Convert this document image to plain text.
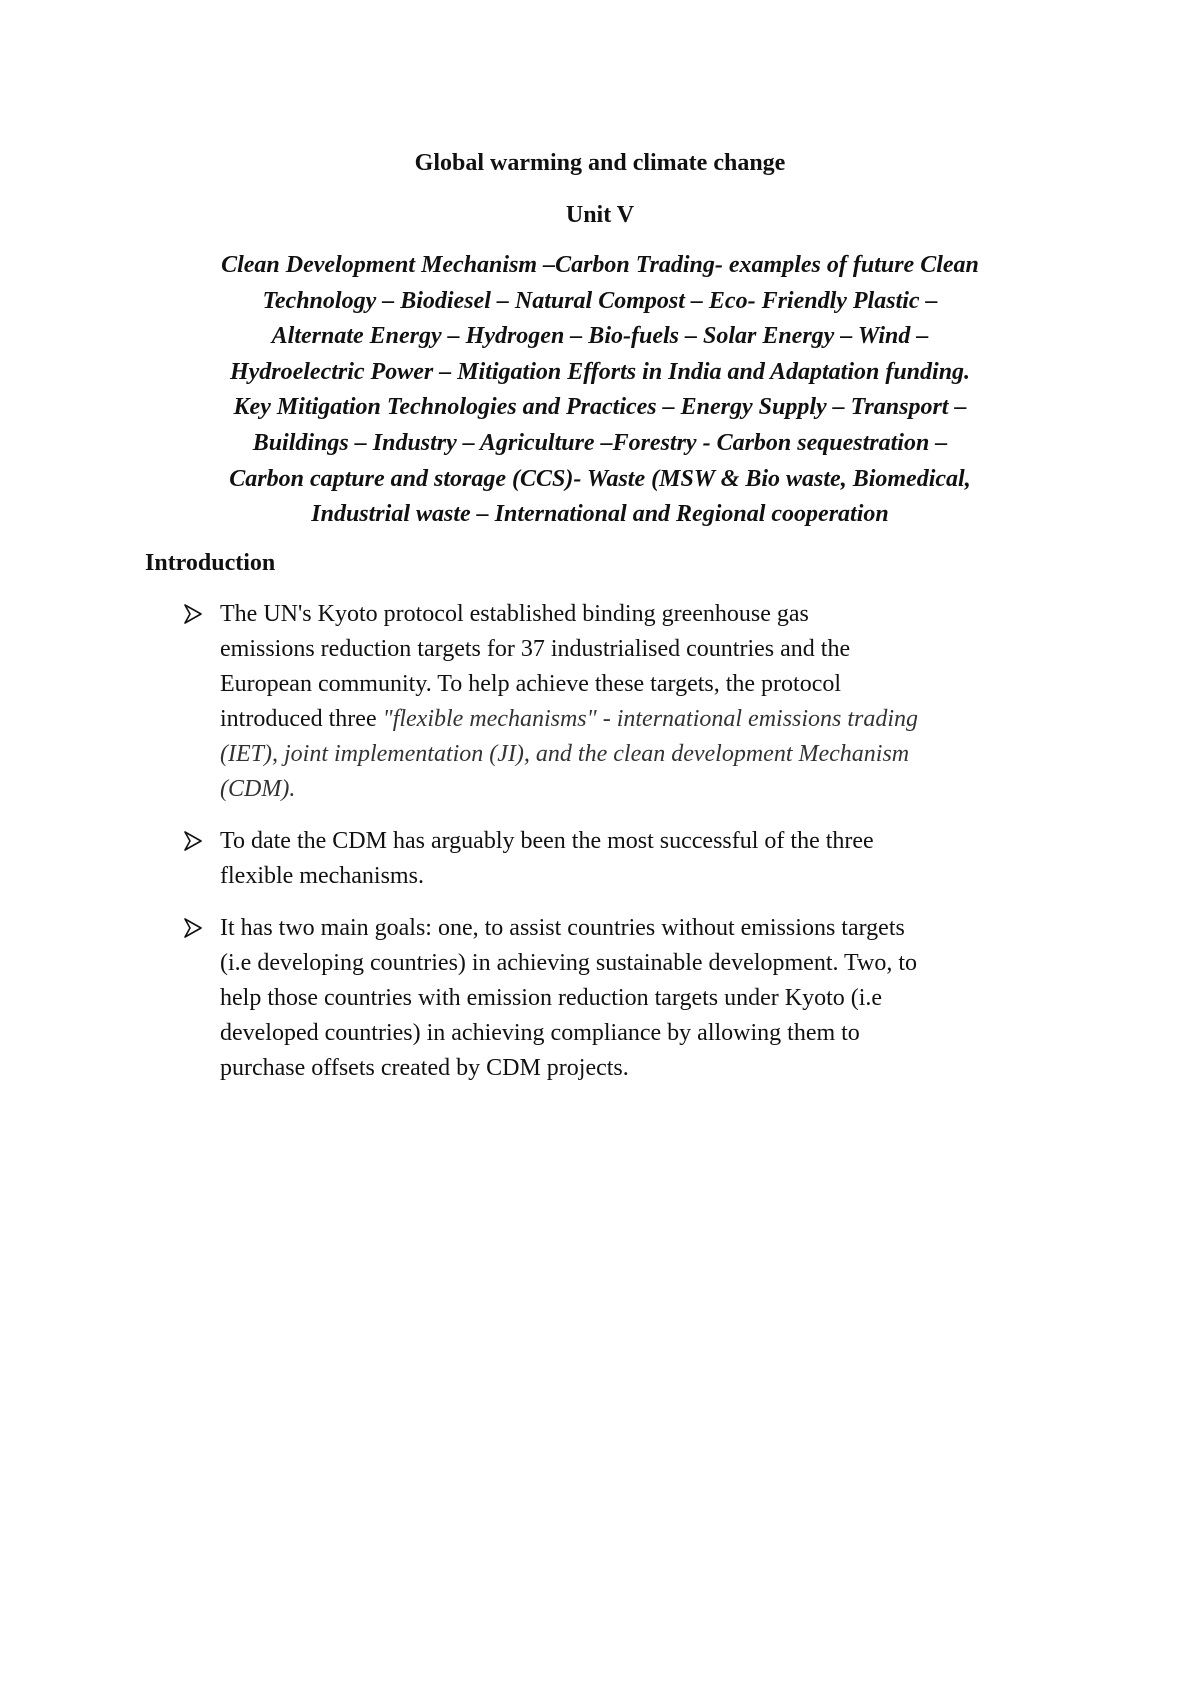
Global warming and climate change
Unit V
Clean Development Mechanism –Carbon Trading- examples of future Clean
Technology – Biodiesel – Natural Compost – Eco- Friendly Plastic –
Alternate Energy – Hydrogen – Bio-fuels – Solar Energy – Wind –
Hydroelectric Power – Mitigation Efforts in India and Adaptation funding.
Key Mitigation Technologies and Practices – Energy Supply – Transport –
Buildings – Industry – Agriculture –Forestry - Carbon sequestration –
Carbon capture and storage (CCS)- Waste (MSW & Bio waste, Biomedical,
Industrial waste – International and Regional cooperation
Introduction
The UN's Kyoto protocol established binding greenhouse gas
emissions reduction targets for 37 industrialised countries and the
European community. To help achieve these targets, the protocol
introduced three "flexible mechanisms" - international emissions trading
(IET), joint implementation (JI), and the clean development Mechanism
(CDM).
To date the CDM has arguably been the most successful of the three
flexible mechanisms.
It has two main goals: one, to assist countries without emissions targets
(i.e developing countries) in achieving sustainable development. Two, to
help those countries with emission reduction targets under Kyoto (i.e
developed countries) in achieving compliance by allowing them to
purchase offsets created by CDM projects.
